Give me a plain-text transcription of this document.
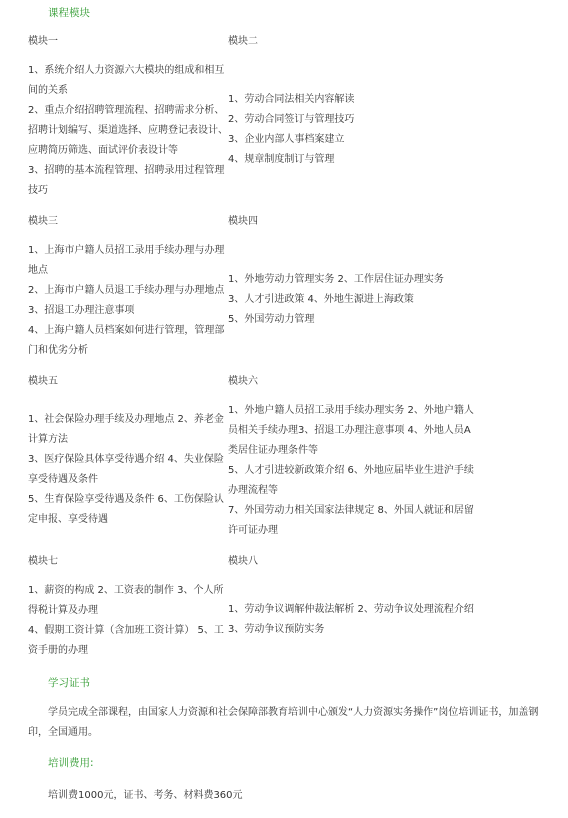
课程模块
模块一
1、系统介绍人力资源六大模块的组成和相互间的关系
2、重点介绍招聘管理流程、招聘需求分析、招聘计划编写、渠道选择、应聘登记表设计、应聘简历筛选、面试评价表设计等
3、招聘的基本流程管理、招聘录用过程管理技巧
模块二
1、劳动合同法相关内容解读
2、劳动合同签订与管理技巧
3、企业内部人事档案建立
4、规章制度制订与管理
模块三
1、上海市户籍人员招工录用手续办理与办理地点
2、上海市户籍人员退工手续办理与办理地点
3、招退工办理注意事项
4、上海户籍人员档案如何进行管理，管理部门和优劣分析
模块四
1、外地劳动力管理实务 2、工作居住证办理实务
3、人才引进政策 4、外地生源进上海政策
5、外国劳动力管理
模块五
1、社会保险办理手续及办理地点 2、养老金计算方法
3、医疗保险具体享受待遇介绍 4、失业保险享受待遇及条件
5、生育保险享受待遇及条件 6、工伤保险认定申报、享受待遇
模块六
1、外地户籍人员招工录用手续办理实务 2、外地户籍人员相关手续办理3、招退工办理注意事项 4、外地人员A类居住证办理条件等
5、人才引进较新政策介绍 6、外地应届毕业生进沪手续办理流程等
7、外国劳动力相关国家法律规定 8、外国人就证和居留许可证办理
模块七
1、薪资的构成 2、工资表的制作 3、个人所得税计算及办理
4、假期工资计算（含加班工资计算） 5、工资手册的办理
模块八
1、劳动争议调解仲裁法解析 2、劳动争议处理流程介绍
3、劳动争议预防实务
学习证书
学员完成全部课程，由国家人力资源和社会保障部教育培训中心颁发“人力资源实务操作”岗位培训证书，加盖钢印，全国通用。
培训费用:
培训费1000元，证书、考务、材料费360元
